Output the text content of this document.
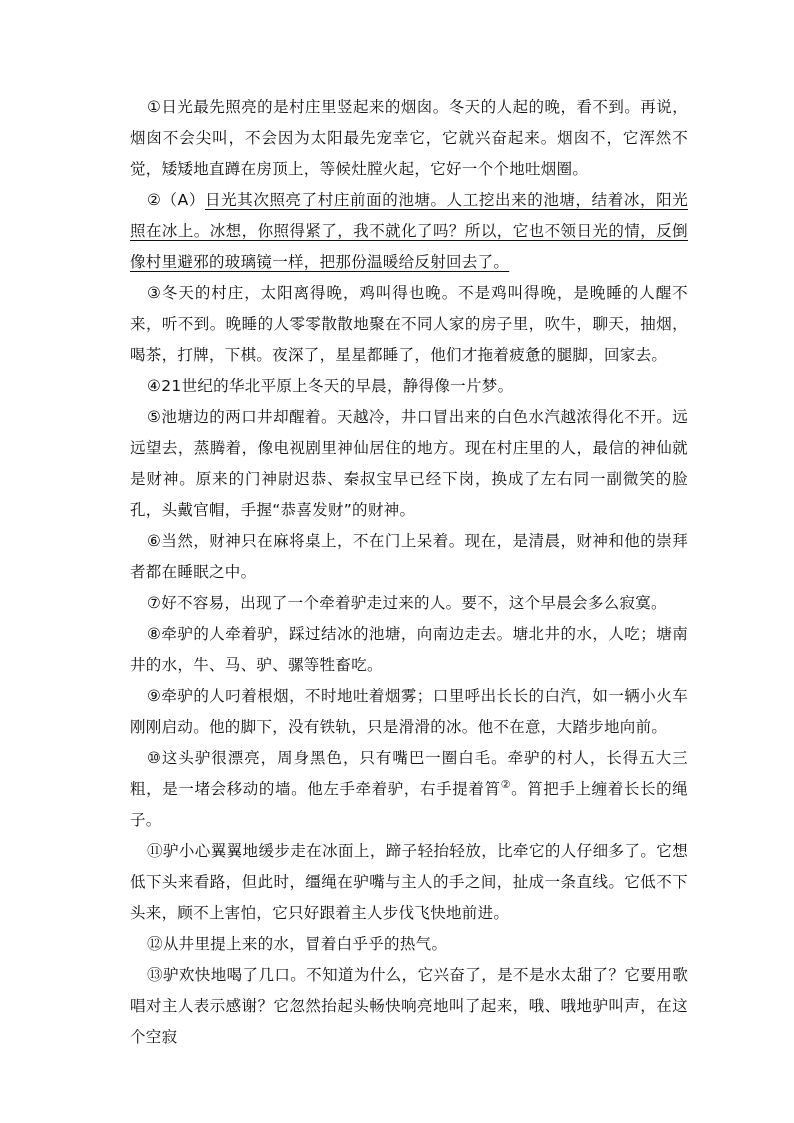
①日光最先照亮的是村庄里竖起来的烟囱。冬天的人起的晚，看不到。再说，烟囱不会尖叫，不会因为太阳最先宠幸它，它就兴奋起来。烟囱不，它浑然不觉，矮矮地直蹲在房顶上，等候灶膛火起，它好一个个地吐烟圈。

②（A）日光其次照亮了村庄前面的池塘。人工挖出来的池塘，结着冰，阳光照在冰上。冰想，你照得紧了，我不就化了吗？所以，它也不领日光的情，反倒像村里避邪的玻璃镜一样，把那份温暖给反射回去了。

③冬天的村庄，太阳离得晚，鸡叫得也晚。不是鸡叫得晚，是晚睡的人醒不来，听不到。晚睡的人零零散散地聚在不同人家的房子里，吹牛，聊天，抽烟，喝茶，打牌，下棋。夜深了，星星都睡了，他们才拖着疲惫的腿脚，回家去。

④21世纪的华北平原上冬天的早晨，静得像一片梦。

⑤池塘边的两口井却醒着。天越冷，井口冒出来的白色水汽越浓得化不开。远远望去，蒸腾着，像电视剧里神仙居住的地方。现在村庄里的人，最信的神仙就是财神。原来的门神尉迟恭、秦叔宝早已经下岗，换成了左右同一副微笑的脸孔，头戴官帽，手握“恭喜发财”的财神。

⑥当然，财神只在麻将桌上，不在门上呆着。现在，是清晨，财神和他的崇拜者都在睡眠之中。

⑦好不容易，出现了一个牵着驴走过来的人。要不，这个早晨会多么寂寞。

⑧牵驴的人牵着驴，踩过结冰的池塘，向南边走去。塘北井的水，人吃；塘南井的水，牛、马、驴、骡等牲畜吃。

⑨牵驴的人叼着根烟，不时地吐着烟雾；口里呼出长长的白汽，如一辆小火车刚刚启动。他的脚下，没有铁轨，只是滑滑的冰。他不在意，大踏步地向前。

⑩这头驴很漂亮，周身黑色，只有嘴巴一圈白毛。牵驴的村人，长得五大三粗，是一堵会移动的墙。他左手牵着驴，右手提着筲②。筲把手上缠着长长的绳子。

⑪驴小心翼翼地缓步走在冰面上，蹄子轻抬轻放，比牵它的人仔细多了。它想低下头来看路，但此时，缰绳在驴嘴与主人的手之间，扯成一条直线。它低不下头来，顾不上害怕，它只好跟着主人步伐飞快地前进。

⑫从井里提上来的水，冒着白乎乎的热气。

⑬驴欢快地喝了几口。不知道为什么，它兴奋了，是不是水太甜了？它要用歌唱对主人表示感谢？它忽然抬起头畅快响亮地叫了起来，哦、哦地驴叫声，在这个空寂
